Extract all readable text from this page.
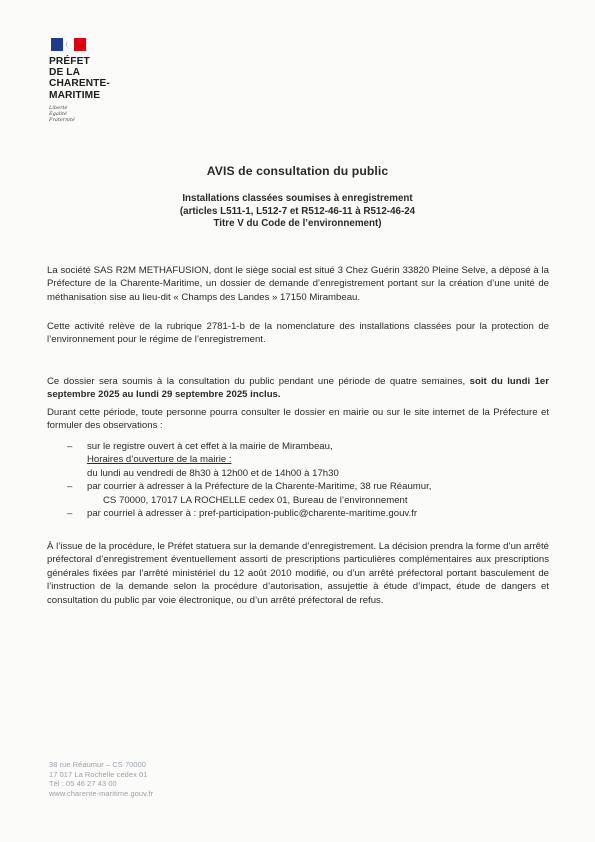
PRÉFET
DE LA
CHARENTE-
MARITIME
Liberté
Égalité
Fraternité
AVIS de consultation du public
Installations classées soumises à enregistrement
(articles L511-1, L512-7 et R512-46-11 à R512-46-24
Titre V du Code de l’environnement)

La société SAS R2M METHAFUSION, dont le siège social est situé 3 Chez Guérin 33820 Pleine Selve, a déposé à la Préfecture de la Charente-Maritime, un dossier de demande d’enregistrement portant sur la création d’une unité de méthanisation sise au lieu-dit « Champs des Landes » 17150 Mirambeau.

Cette activité relève de la rubrique 2781-1-b de la nomenclature des installations classées pour la protection de l’environnement pour le régime de l’enregistrement.

Ce dossier sera soumis à la consultation du public pendant une période de quatre semaines, soit du lundi 1er septembre 2025 au lundi 29 septembre 2025 inclus.

Durant cette période, toute personne pourra consulter le dossier en mairie ou sur le site internet de la Préfecture et formuler des observations :

– sur le registre ouvert à cet effet à la mairie de Mirambeau,
Horaires d’ouverture de la mairie :
du lundi au vendredi de 8h30 à 12h00 et de 14h00 à 17h30
– par courrier à adresser à la Préfecture de la Charente-Maritime, 38 rue Réaumur,
CS 70000, 17017 LA ROCHELLE cedex 01, Bureau de l’environnement
– par courriel à adresser à : pref-participation-public@charente-maritime.gouv.fr

À l’issue de la procédure, le Préfet statuera sur la demande d’enregistrement. La décision prendra la forme d’un arrêté préfectoral d’enregistrement éventuellement assorti de prescriptions particulières complémentaires aux prescriptions générales fixées par l’arrêté ministériel du 12 août 2010 modifié, ou d’un arrêté préfectoral portant basculement de l’instruction de la demande selon la procédure d’autorisation, assujettie à étude d’impact, étude de dangers et consultation du public par voie électronique, ou d’un arrêté préfectoral de refus.

38 rue Réaumur – CS 70000
17 017 La Rochelle cedex 01
Tél : 05 46 27 43 00
www.charente-maritime.gouv.fr
